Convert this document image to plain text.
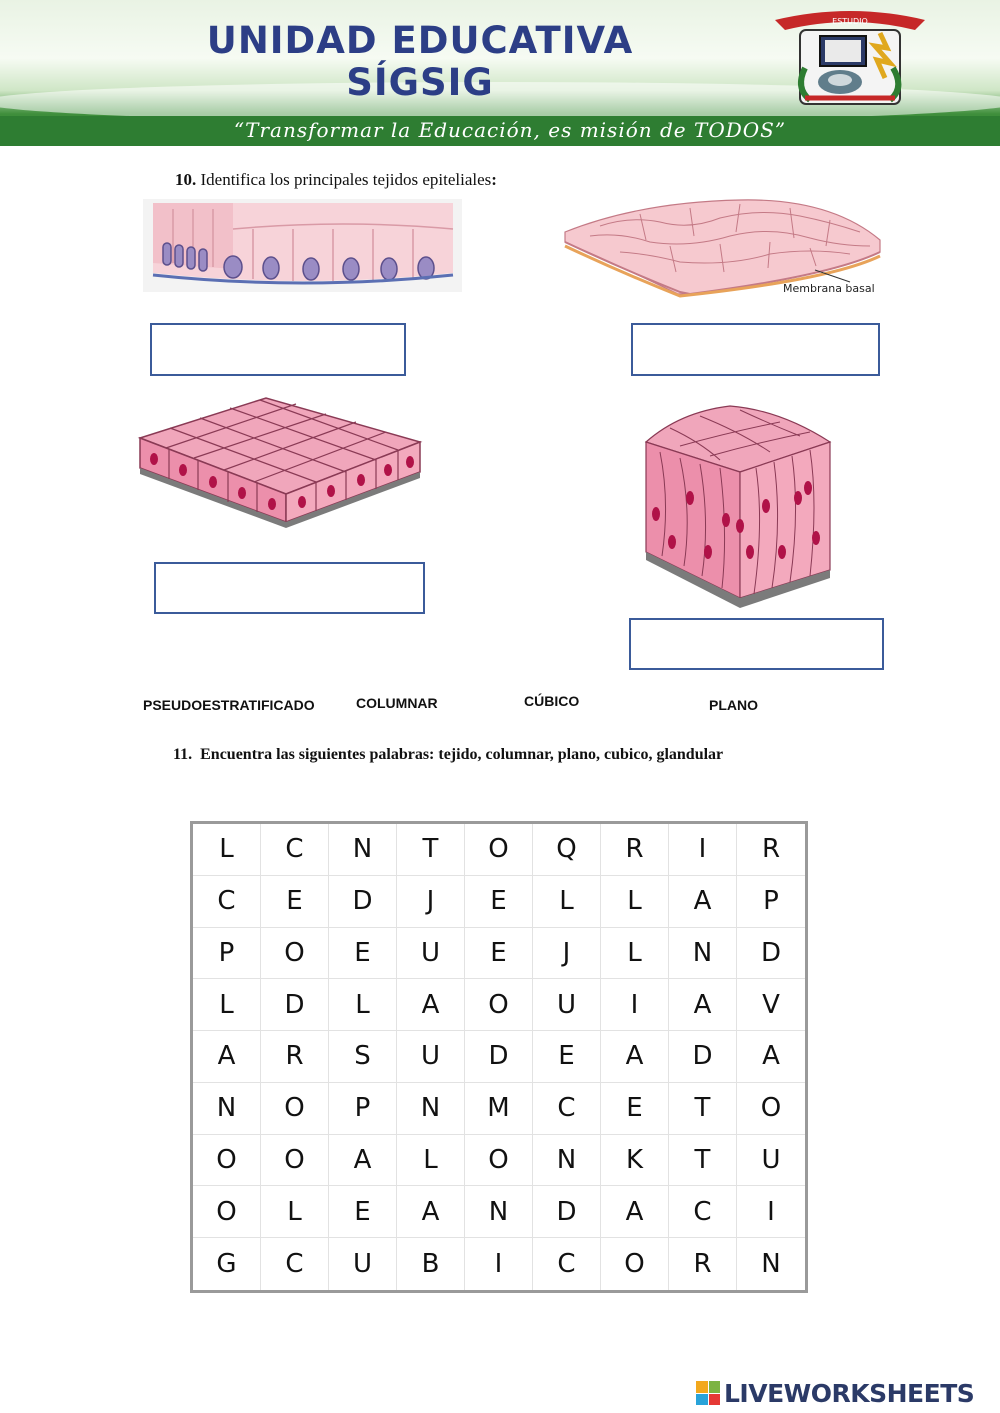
UNIDAD EDUCATIVA
SÍGSIG
“Transformar la Educación, es misión de TODOS”
ESTUDIO
10. Identifica los principales tejidos epiteliales:
Membrana basal
PSEUDOESTRATIFICADO	COLUMNAR	CÚBICO	PLANO
11. Encuentra las siguientes palabras: tejido, columnar, plano, cubico, glandular
L	C	N	T	O	Q	R	I	R
C	E	D	J	E	L	L	A	P
P	O	E	U	E	J	L	N	D
L	D	L	A	O	U	I	A	V
A	R	S	U	D	E	A	D	A
N	O	P	N	M	C	E	T	O
O	O	A	L	O	N	K	T	U
O	L	E	A	N	D	A	C	I
G	C	U	B	I	C	O	R	N
LIVEWORKSHEETS
